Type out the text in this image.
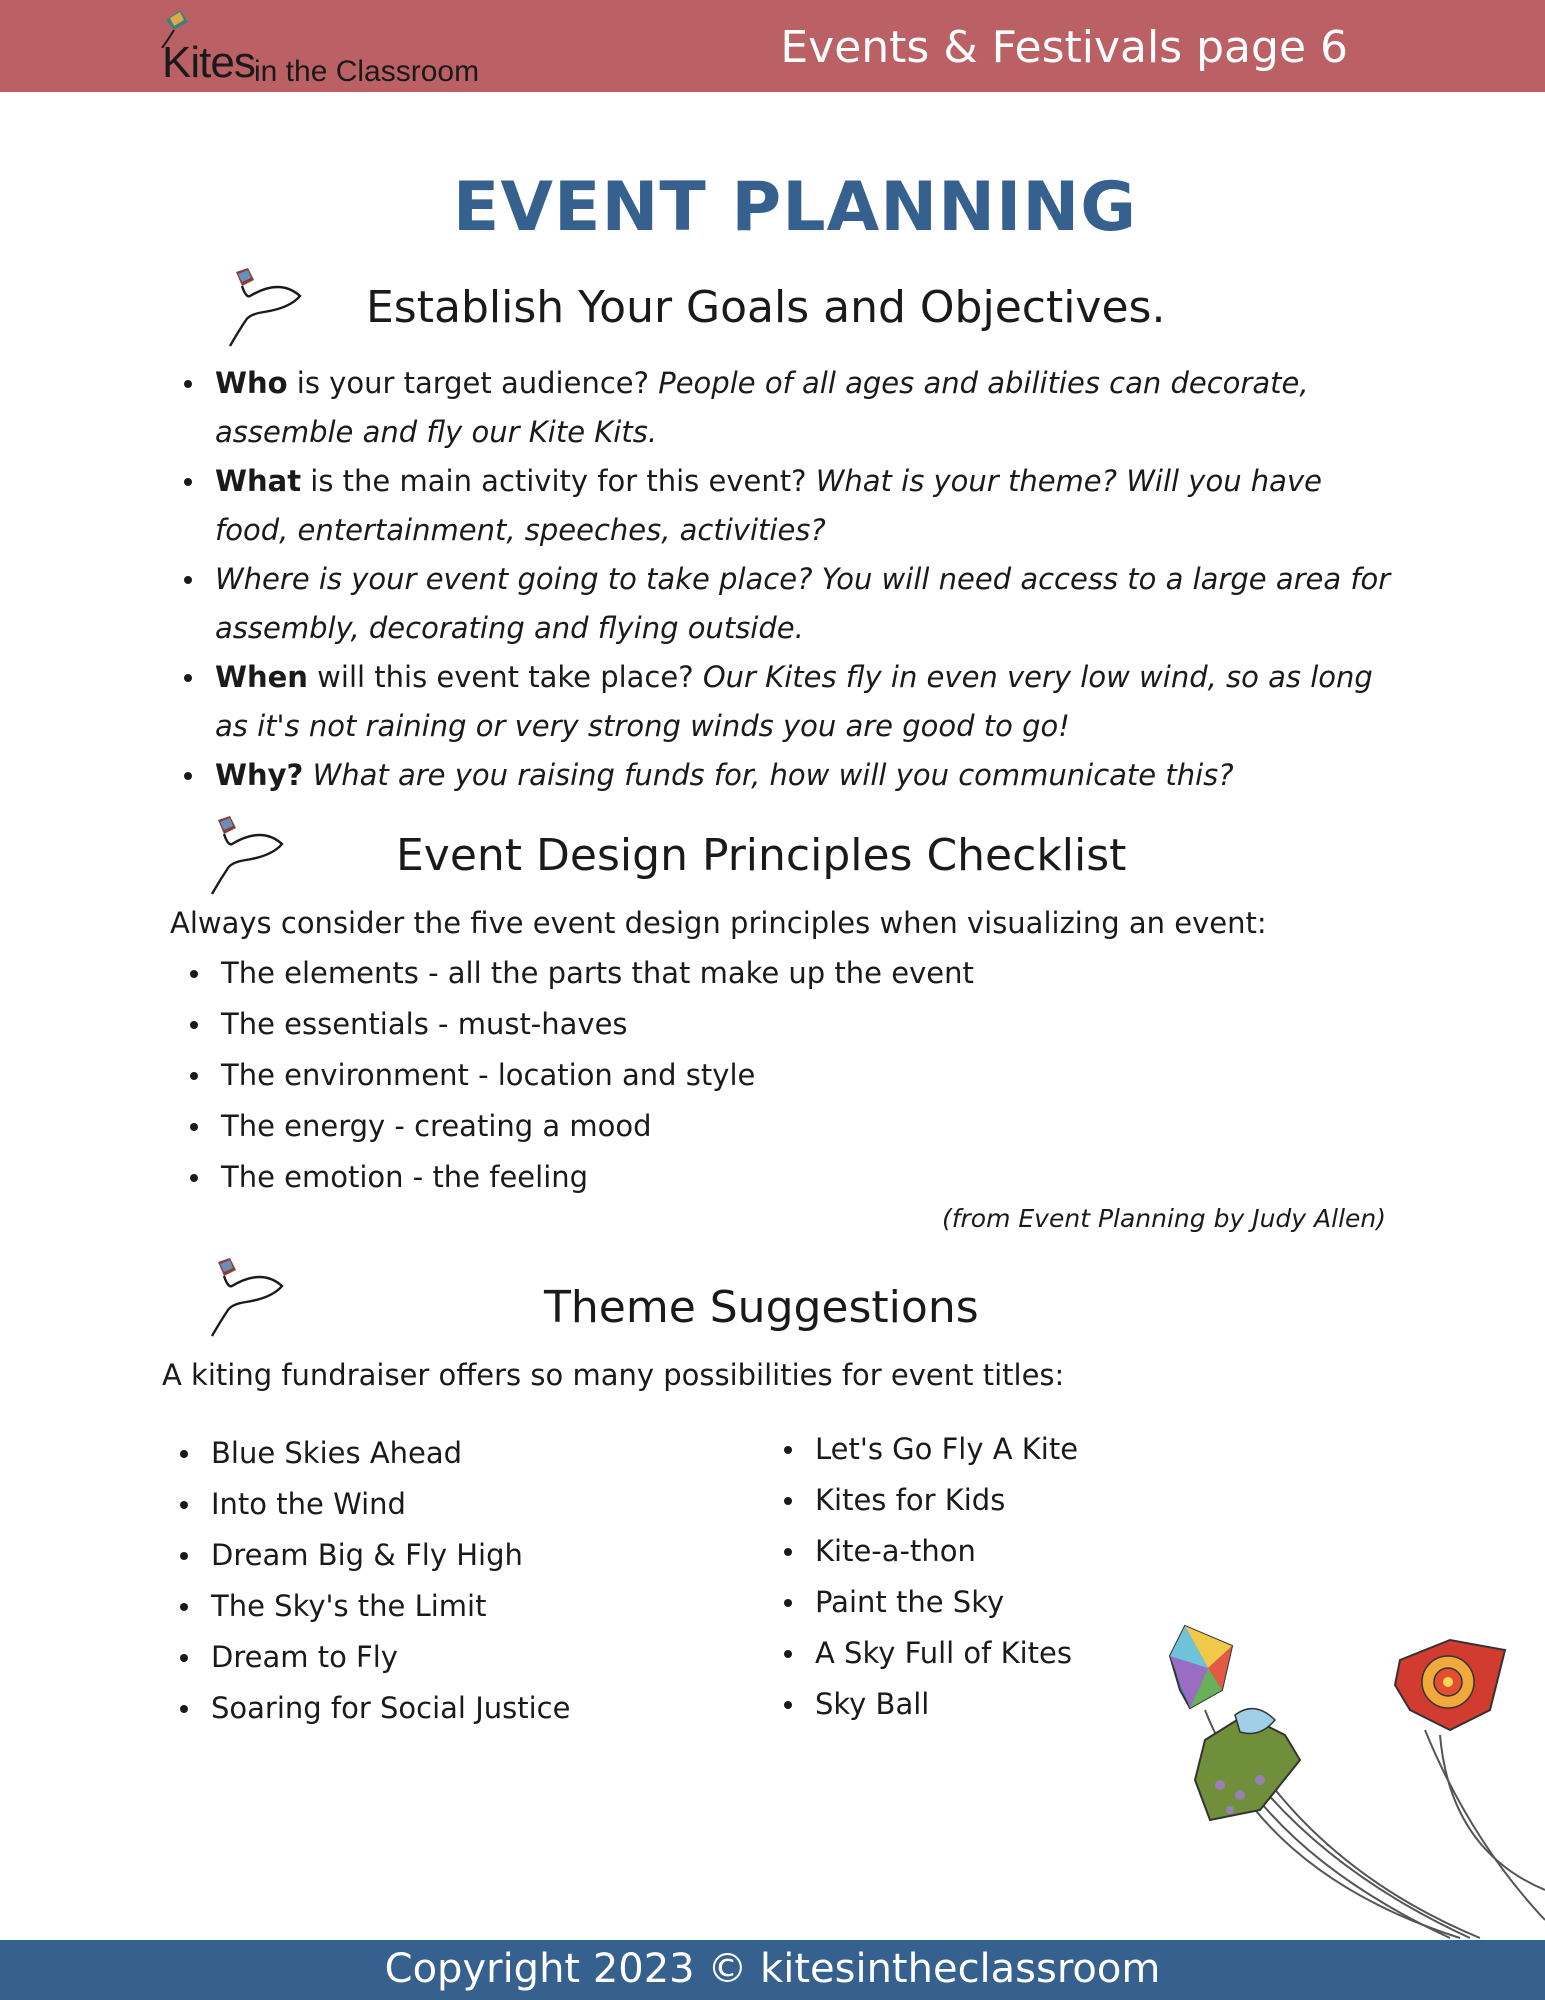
Kites in the Classroom	Events & Festivals page 6
EVENT PLANNING
Establish Your Goals and Objectives.
Who is your target audience? People of all ages and abilities can decorate, assemble and fly our Kite Kits.
What is the main activity for this event? What is your theme? Will you have food, entertainment, speeches, activities?
Where is your event going to take place? You will need access to a large area for assembly, decorating and flying outside.
When will this event take place? Our Kites fly in even very low wind, so as long as it's not raining or very strong winds you are good to go!
Why? What are you raising funds for, how will you communicate this?
Event Design Principles Checklist
Always consider the five event design principles when visualizing an event:
The elements - all the parts that make up the event
The essentials - must-haves
The environment - location and style
The energy - creating a mood
The emotion - the feeling
(from Event Planning by Judy Allen)
Theme Suggestions
A kiting fundraiser offers so many possibilities for event titles:
Blue Skies Ahead
Into the Wind
Dream Big & Fly High
The Sky's the Limit
Dream to Fly
Soaring for Social Justice
Let's Go Fly A Kite
Kites for Kids
Kite-a-thon
Paint the Sky
A Sky Full of Kites
Sky Ball
Copyright 2023 © kitesintheclassroom
